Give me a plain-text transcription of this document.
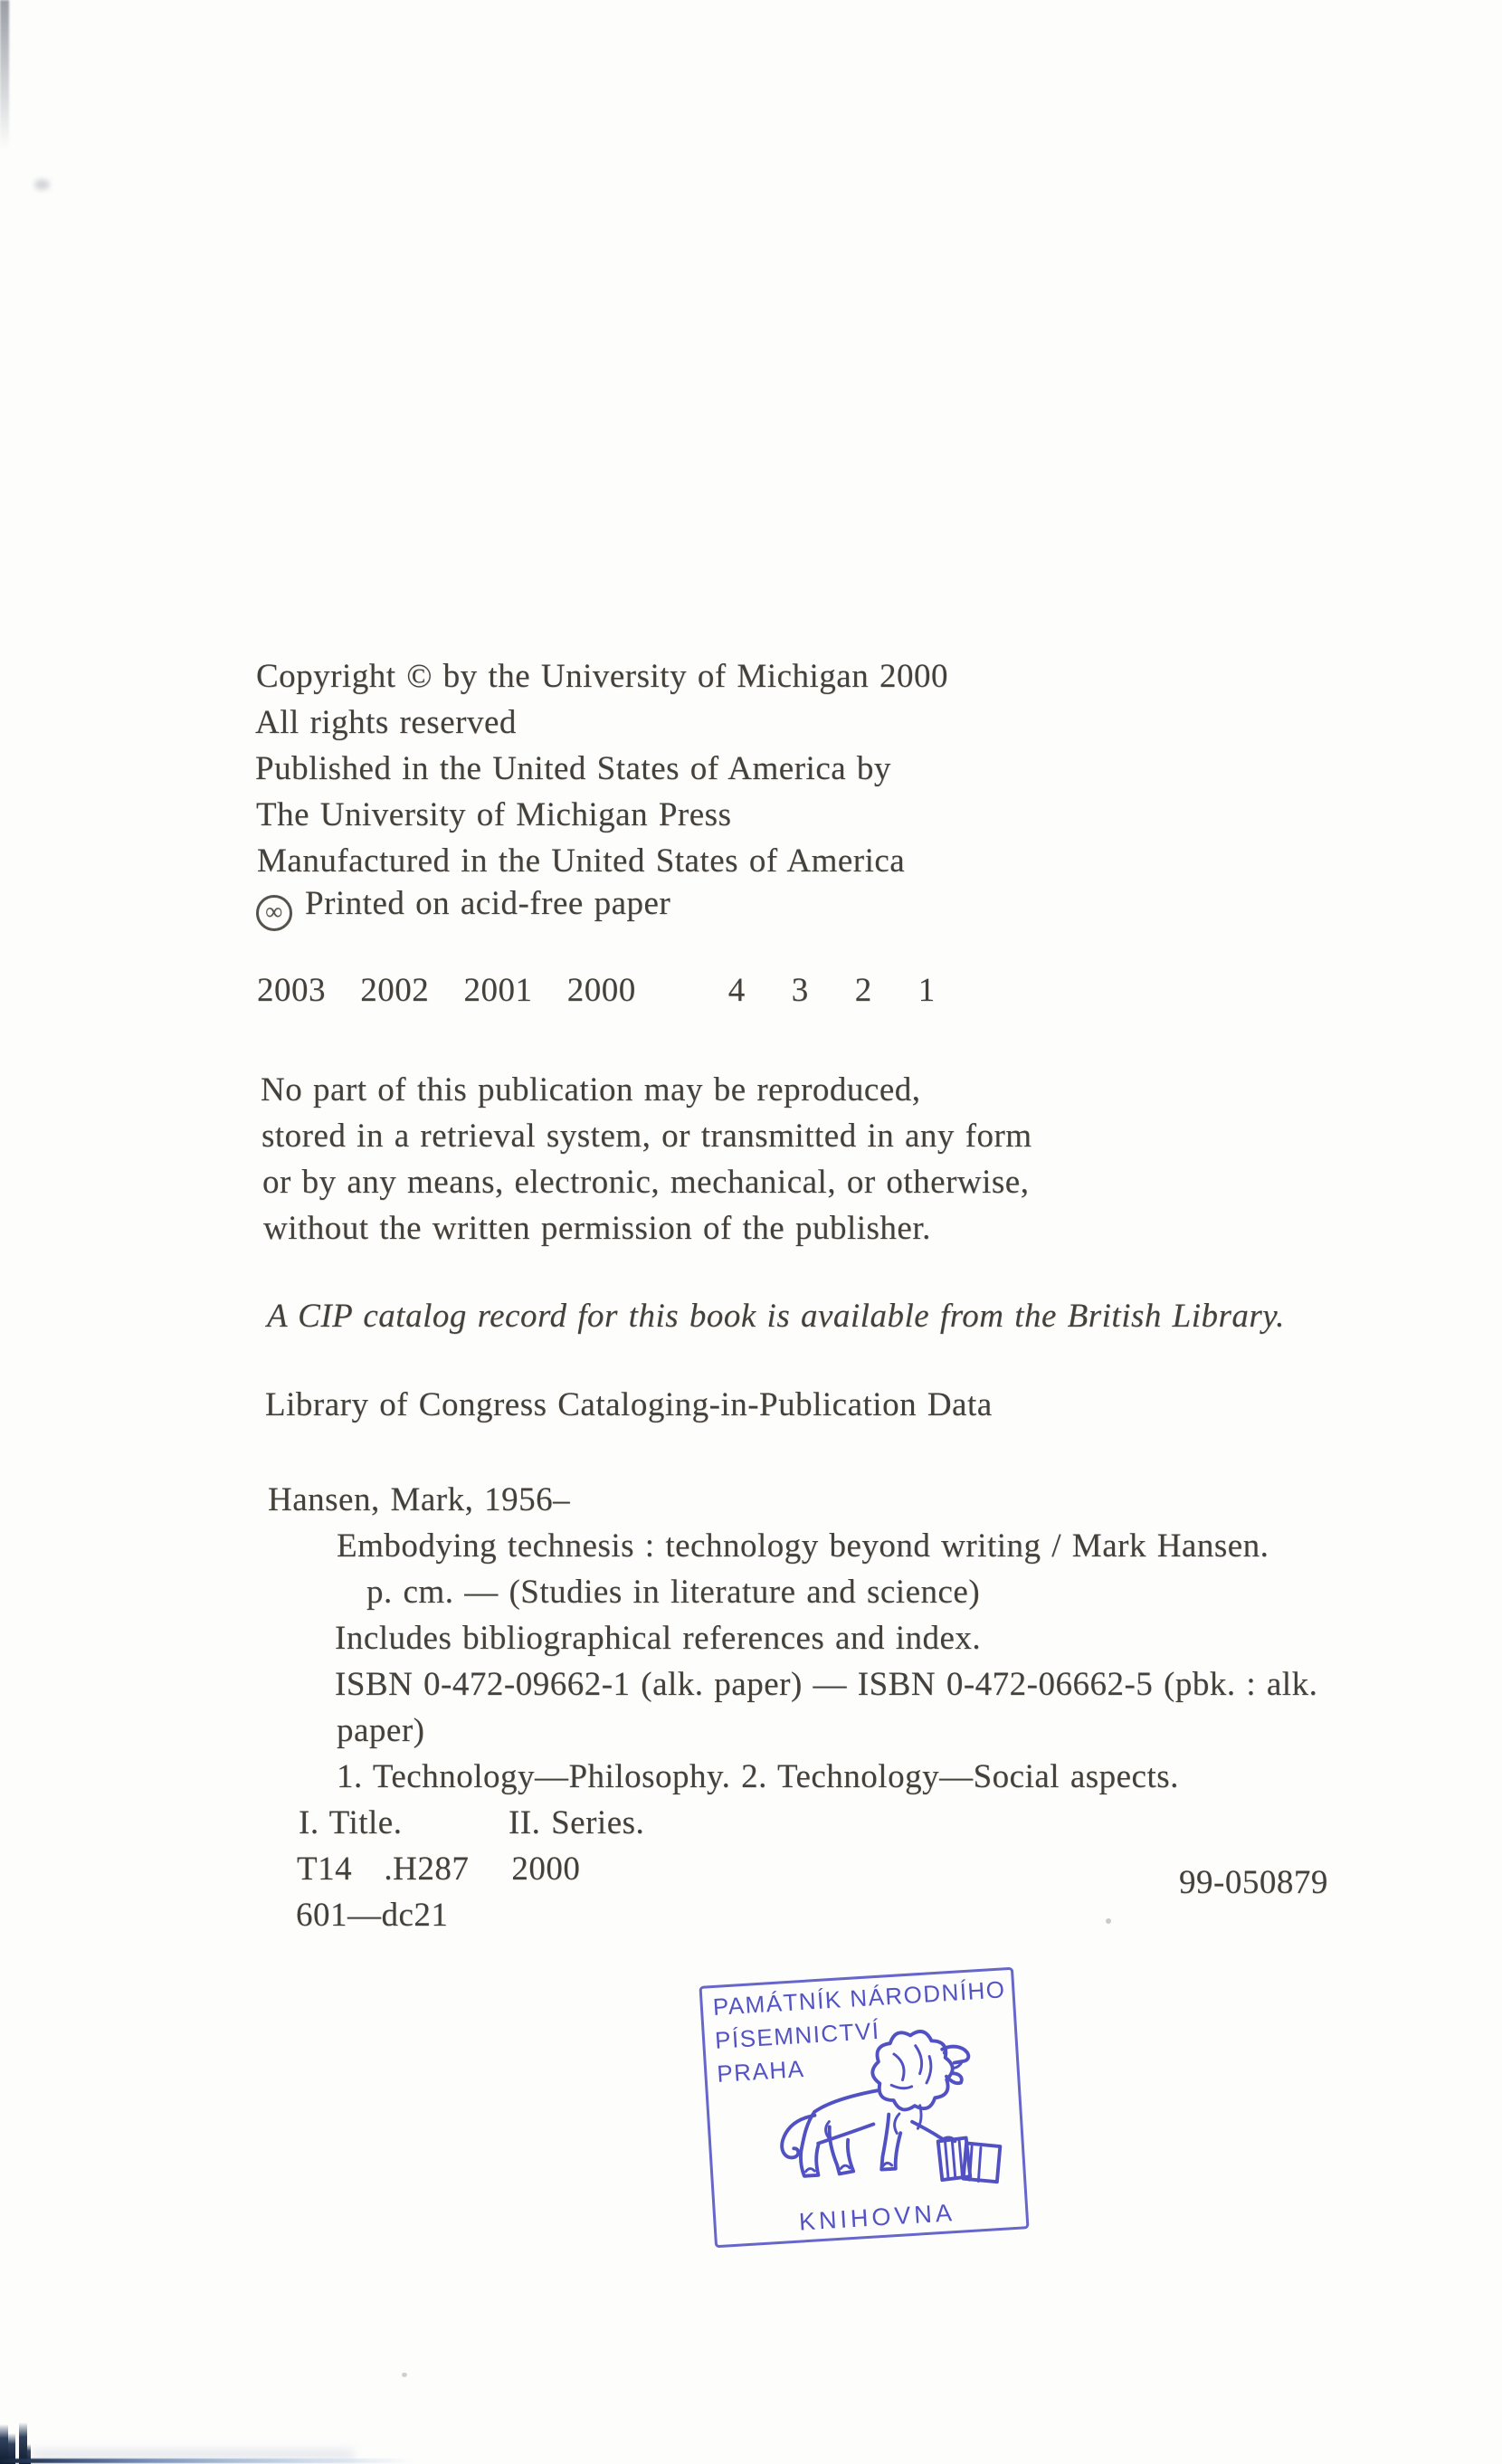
Copyright © by the University of Michigan 2000
All rights reserved
Published in the United States of America by
The University of Michigan Press
Manufactured in the United States of America
∞ Printed on acid-free paper
2003   2002   2001   2000        4    3    2    1
No part of this publication may be reproduced,
stored in a retrieval system, or transmitted in any form
or by any means, electronic, mechanical, or otherwise,
without the written permission of the publisher.
A CIP catalog record for this book is available from the British Library.
Library of Congress Cataloging-in-Publication Data
Hansen, Mark, 1956–
Embodying technesis : technology beyond writing / Mark Hansen.
p. cm. — (Studies in literature and science)
Includes bibliographical references and index.
ISBN 0-472-09662-1 (alk. paper) — ISBN 0-472-06662-5 (pbk. : alk.
paper)
1. Technology—Philosophy. 2. Technology—Social aspects.
I. Title.          II. Series.
T14   .H287    2000
601—dc21
99-050879
PAMÁTNÍK NÁRODNÍHO
PÍSEMNICTVÍ
PRAHA
KNIHOVNA
